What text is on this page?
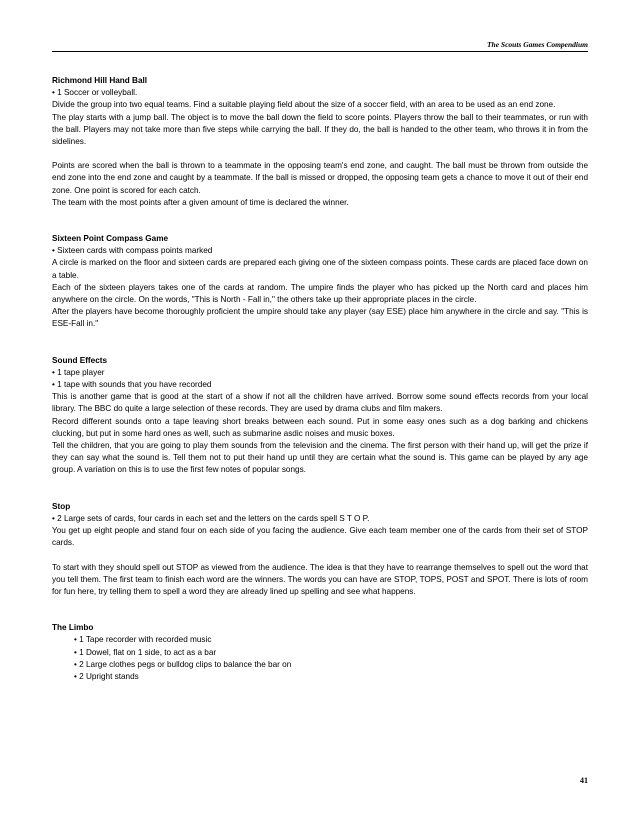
The Scouts Games Compendium

Richmond Hill Hand Ball

• 1 Soccer or volleyball.

Divide the group into two equal teams. Find a suitable playing field about the size of a soccer field, with an area to be used as an end zone.

The play starts with a jump ball. The object is to move the ball down the field to score points. Players throw the ball to their teammates, or run with the ball. Players may not take more than five steps while carrying the ball. If they do, the ball is handed to the other team, who throws it in from the sidelines.

Points are scored when the ball is thrown to a teammate in the opposing team's end zone, and caught. The ball must be thrown from outside the end zone into the end zone and caught by a teammate. If the ball is missed or dropped, the opposing team gets a chance to move it out of their end zone. One point is scored for each catch.

The team with the most points after a given amount of time is declared the winner.

Sixteen Point Compass Game

• Sixteen cards with compass points marked

A circle is marked on the floor and sixteen cards are prepared each giving one of the sixteen compass points. These cards are placed face down on a table.

Each of the sixteen players takes one of the cards at random. The umpire finds the player who has picked up the North card and places him anywhere on the circle. On the words, "This is North - Fall in," the others take up their appropriate places in the circle.

After the players have become thoroughly proficient the umpire should take any player (say ESE) place him anywhere in the circle and say. "This is ESE-Fall in."

Sound Effects

• 1 tape player

• 1 tape with sounds that you have recorded

This is another game that is good at the start of a show if not all the children have arrived. Borrow some sound effects records from your local library. The BBC do quite a large selection of these records. They are used by drama clubs and film makers.

Record different sounds onto a tape leaving short breaks between each sound. Put in some easy ones such as a dog barking and chickens clucking, but put in some hard ones as well, such as submarine asdic noises and music boxes.

Tell the children, that you are going to play them sounds from the television and the cinema. The first person with their hand up, will get the prize if they can say what the sound is. Tell them not to put their hand up until they are certain what the sound is. This game can be played by any age group. A variation on this is to use the first few notes of popular songs.

Stop

• 2 Large sets of cards, four cards in each set and the letters on the cards spell S T O P.

You get up eight people and stand four on each side of you facing the audience. Give each team member one of the cards from their set of STOP cards.

To start with they should spell out STOP as viewed from the audience. The idea is that they have to rearrange themselves to spell out the word that you tell them. The first team to finish each word are the winners. The words you can have are STOP, TOPS, POST and SPOT. There is lots of room for fun here, try telling them to spell a word they are already lined up spelling and see what happens.

The Limbo

• 1 Tape recorder with recorded music

• 1 Dowel, flat on 1 side, to act as a bar

• 2 Large clothes pegs or bulldog clips to balance the bar on

• 2 Upright stands

41
